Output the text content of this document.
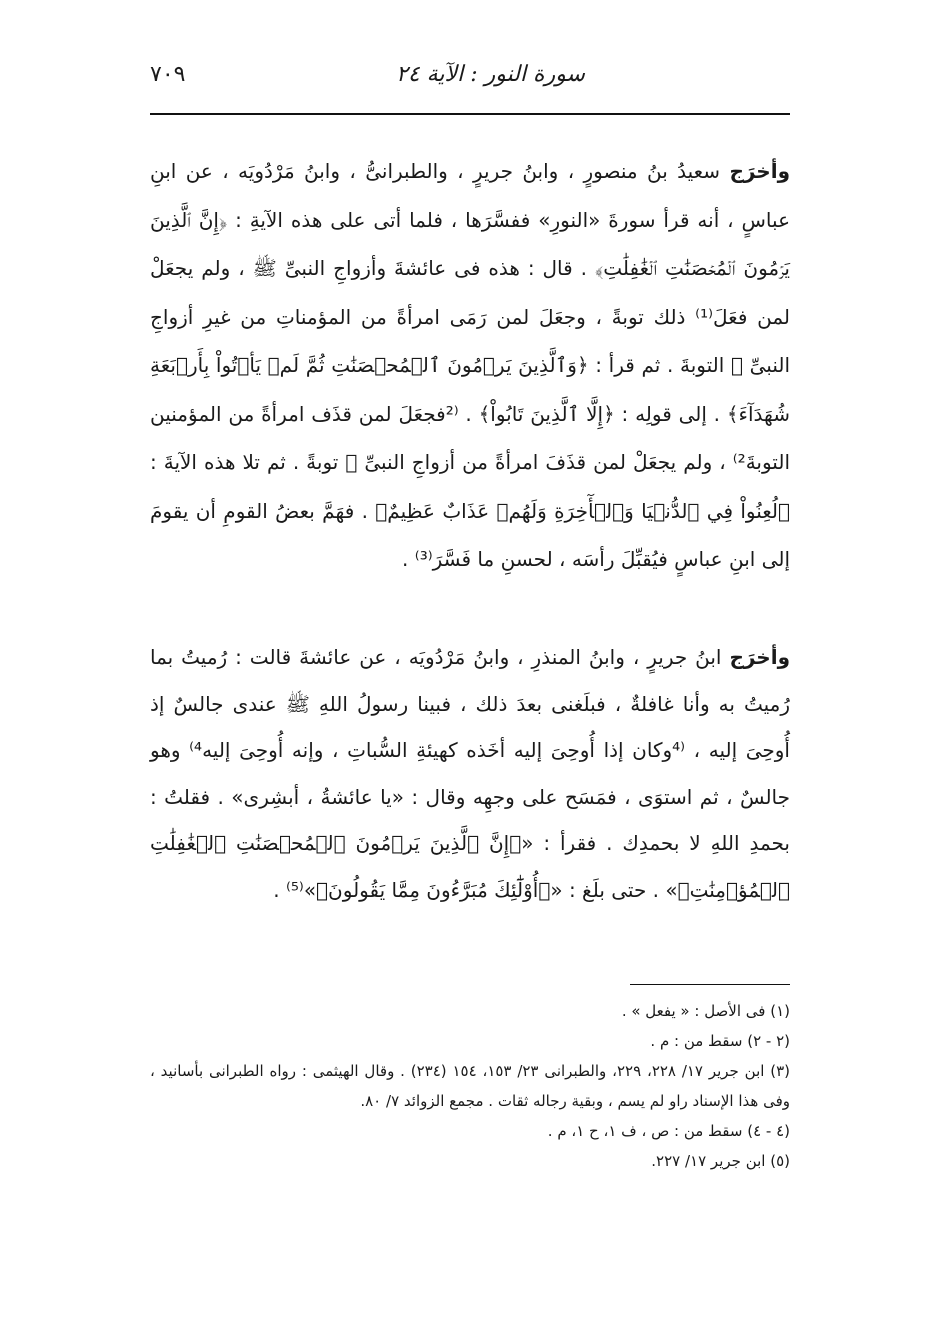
سورة النور : الآية ٢٤
٧٠٩
وأخرَج سعيدُ بنُ منصورٍ ، وابنُ جريرٍ ، والطبرانىُّ ، وابنُ مَرْدُويَه ، عن ابنِ عباسٍ ، أنه قرأ سورةَ «النورِ» ففسَّرَها ، فلما أتى على هذه الآيةِ : ﴿إِنَّ ٱلَّذِينَ يَرۡمُونَ ٱلۡمُحۡصَنَٰتِ ٱلۡغَٰفِلَٰتِ﴾ . قال : هذه فى عائشةَ وأزواجِ النبىِّ ﷺ ، ولم يجعَلْ لمن فعَلَ⁽¹⁾ ذلك توبةً ، وجعَلَ لمن رَمَى امرأةً من المؤمناتِ من غيرِ أزواجِ النبىِّ ﷺ التوبةَ . ثم قرأ : ﴿وَٱلَّذِينَ يَرۡمُونَ ٱلۡمُحۡصَنَٰتِ ثُمَّ لَمۡ يَأۡتُواْ بِأَرۡبَعَةِ شُهَدَآءَ﴾ . إلى قولِه : ﴿إِلَّا ٱلَّذِينَ تَابُواْ﴾ . ⁽²فجعَلَ لمن قذَف امرأةً من المؤمنين التوبةَ²⁾ ، ولم يجعَلْ لمن قذَفَ امرأةً من أزواجِ النبىِّ ﷺ توبةً . ثم تلا هذه الآيةَ : ﴿لُعِنُواْ فِي ٱلدُّنۡيَا وَٱلۡأٓخِرَةِ وَلَهُمۡ عَذَابٌ عَظِيمٌ﴾ . فهَمَّ بعضُ القومِ أن يقومَ إلى ابنِ عباسٍ فيُقبِّلَ رأسَه ، لحسنِ ما فَسَّرَ⁽³⁾ .
وأخرَج ابنُ جريرٍ ، وابنُ المنذرِ ، وابنُ مَرْدُويَه ، عن عائشةَ قالت : رُميتُ بما رُميتُ به وأنا غافلةٌ ، فبلَغنى بعدَ ذلك ، فبينا رسولُ اللهِ ﷺ عندى جالسٌ إذ أُوحِىَ إليه ، ⁽⁴وكان إذا أُوحِىَ إليه أخَذه كهيئةِ السُّباتِ ، وإنه أُوحِىَ إليه⁴⁾ وهو جالسٌ ، ثم استوَى ، فمَسَح على وجهِه وقال : «يا عائشةُ ، أبشِرى» . فقلتُ : بحمدِ اللهِ لا بحمدِك . فقرأ : «﴿إِنَّ ٱلَّذِينَ يَرۡمُونَ ٱلۡمُحۡصَنَٰتِ ٱلۡغَٰفِلَٰتِ ٱلۡمُؤۡمِنَٰتِ﴾» . حتى بلَغ : «﴿أُوْلَٰٓئِكَ مُبَرَّءُونَ مِمَّا يَقُولُونَ﴾»⁽⁵⁾ .
(١) فى الأصل : « يفعل » .
(٢ - ٢) سقط من : م .
(٣) ابن جرير ١٧/ ٢٢٨، ٢٢٩، والطبرانى ٢٣/ ١٥٣، ١٥٤ (٢٣٤) . وقال الهيثمى : رواه الطبرانى بأسانيد ، وفى هذا الإسناد راو لم يسم ، وبقية رجاله ثقات . مجمع الزوائد ٧/ ٨٠.
(٤ - ٤) سقط من : ص ، ف ١، ح ١، م .
(٥) ابن جرير ١٧/ ٢٢٧.
